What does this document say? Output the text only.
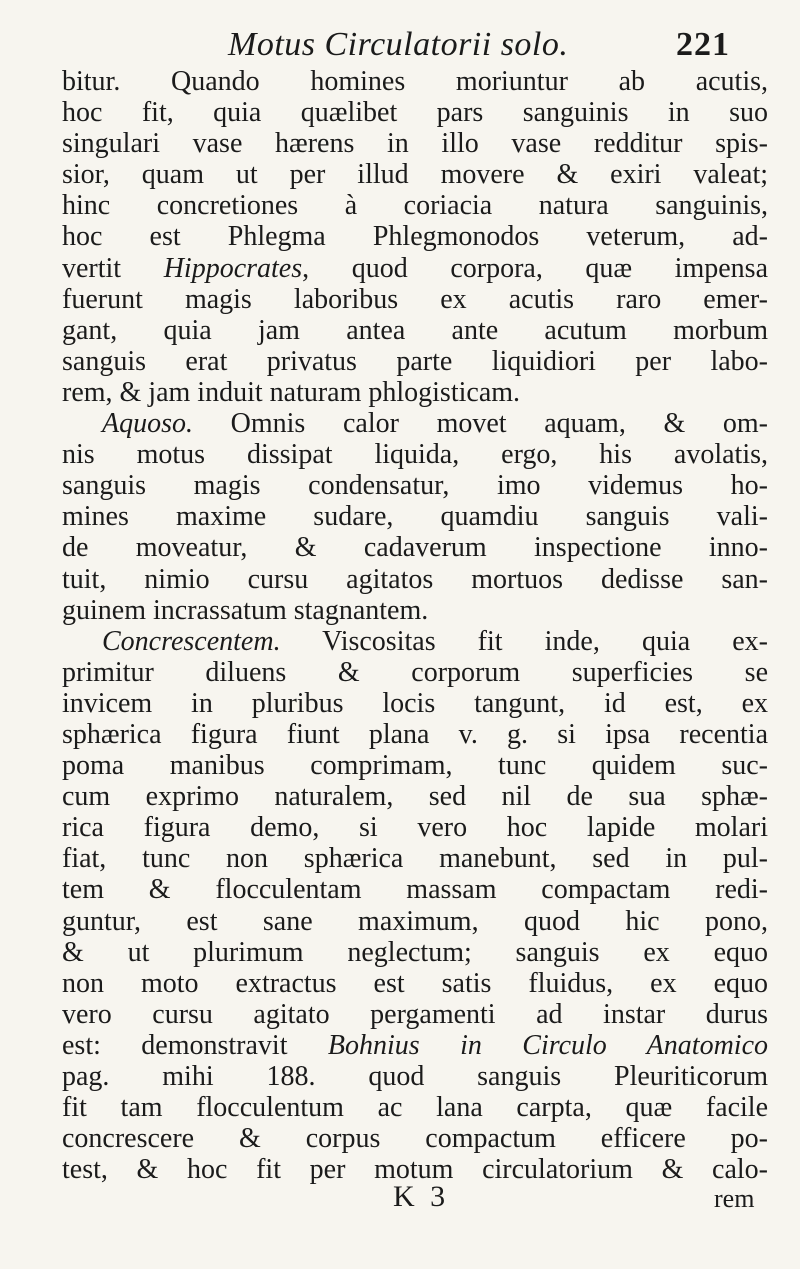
Motus Circulatorii solo.	221
bitur. Quando homines moriuntur ab acutis,
hoc fit, quia quælibet pars sanguinis in suo
singulari vase hærens in illo vase redditur spis-
sior, quam ut per illud movere & exiri valeat;
hinc concretiones à coriacia natura sanguinis,
hoc est Phlegma Phlegmonodos veterum, ad-
vertit Hippocrates, quod corpora, quæ impensa
fuerunt magis laboribus ex acutis raro emer-
gant, quia jam antea ante acutum morbum
sanguis erat privatus parte liquidiori per labo-
rem, & jam induit naturam phlogisticam.
Aquoso. Omnis calor movet aquam, & om-
nis motus dissipat liquida, ergo, his avolatis,
sanguis magis condensatur, imo videmus ho-
mines maxime sudare, quamdiu sanguis vali-
de moveatur, & cadaverum inspectione inno-
tuit, nimio cursu agitatos mortuos dedisse san-
guinem incrassatum stagnantem.
Concrescentem. Viscositas fit inde, quia ex-
primitur diluens & corporum superficies se
invicem in pluribus locis tangunt, id est, ex
sphærica figura fiunt plana v. g. si ipsa recentia
poma manibus comprimam, tunc quidem suc-
cum exprimo naturalem, sed nil de sua sphæ-
rica figura demo, si vero hoc lapide molari
fiat, tunc non sphærica manebunt, sed in pul-
tem & flocculentam massam compactam redi-
guntur, est sane maximum, quod hic pono,
& ut plurimum neglectum; sanguis ex equo
non moto extractus est satis fluidus, ex equo
vero cursu agitato pergamenti ad instar durus
est: demonstravit Bohnius in Circulo Anatomico
pag. mihi 188. quod sanguis Pleuriticorum
fit tam flocculentum ac lana carpta, quæ facile
concrescere & corpus compactum efficere po-
test, & hoc fit per motum circulatorium & calo-
K 3	rem
